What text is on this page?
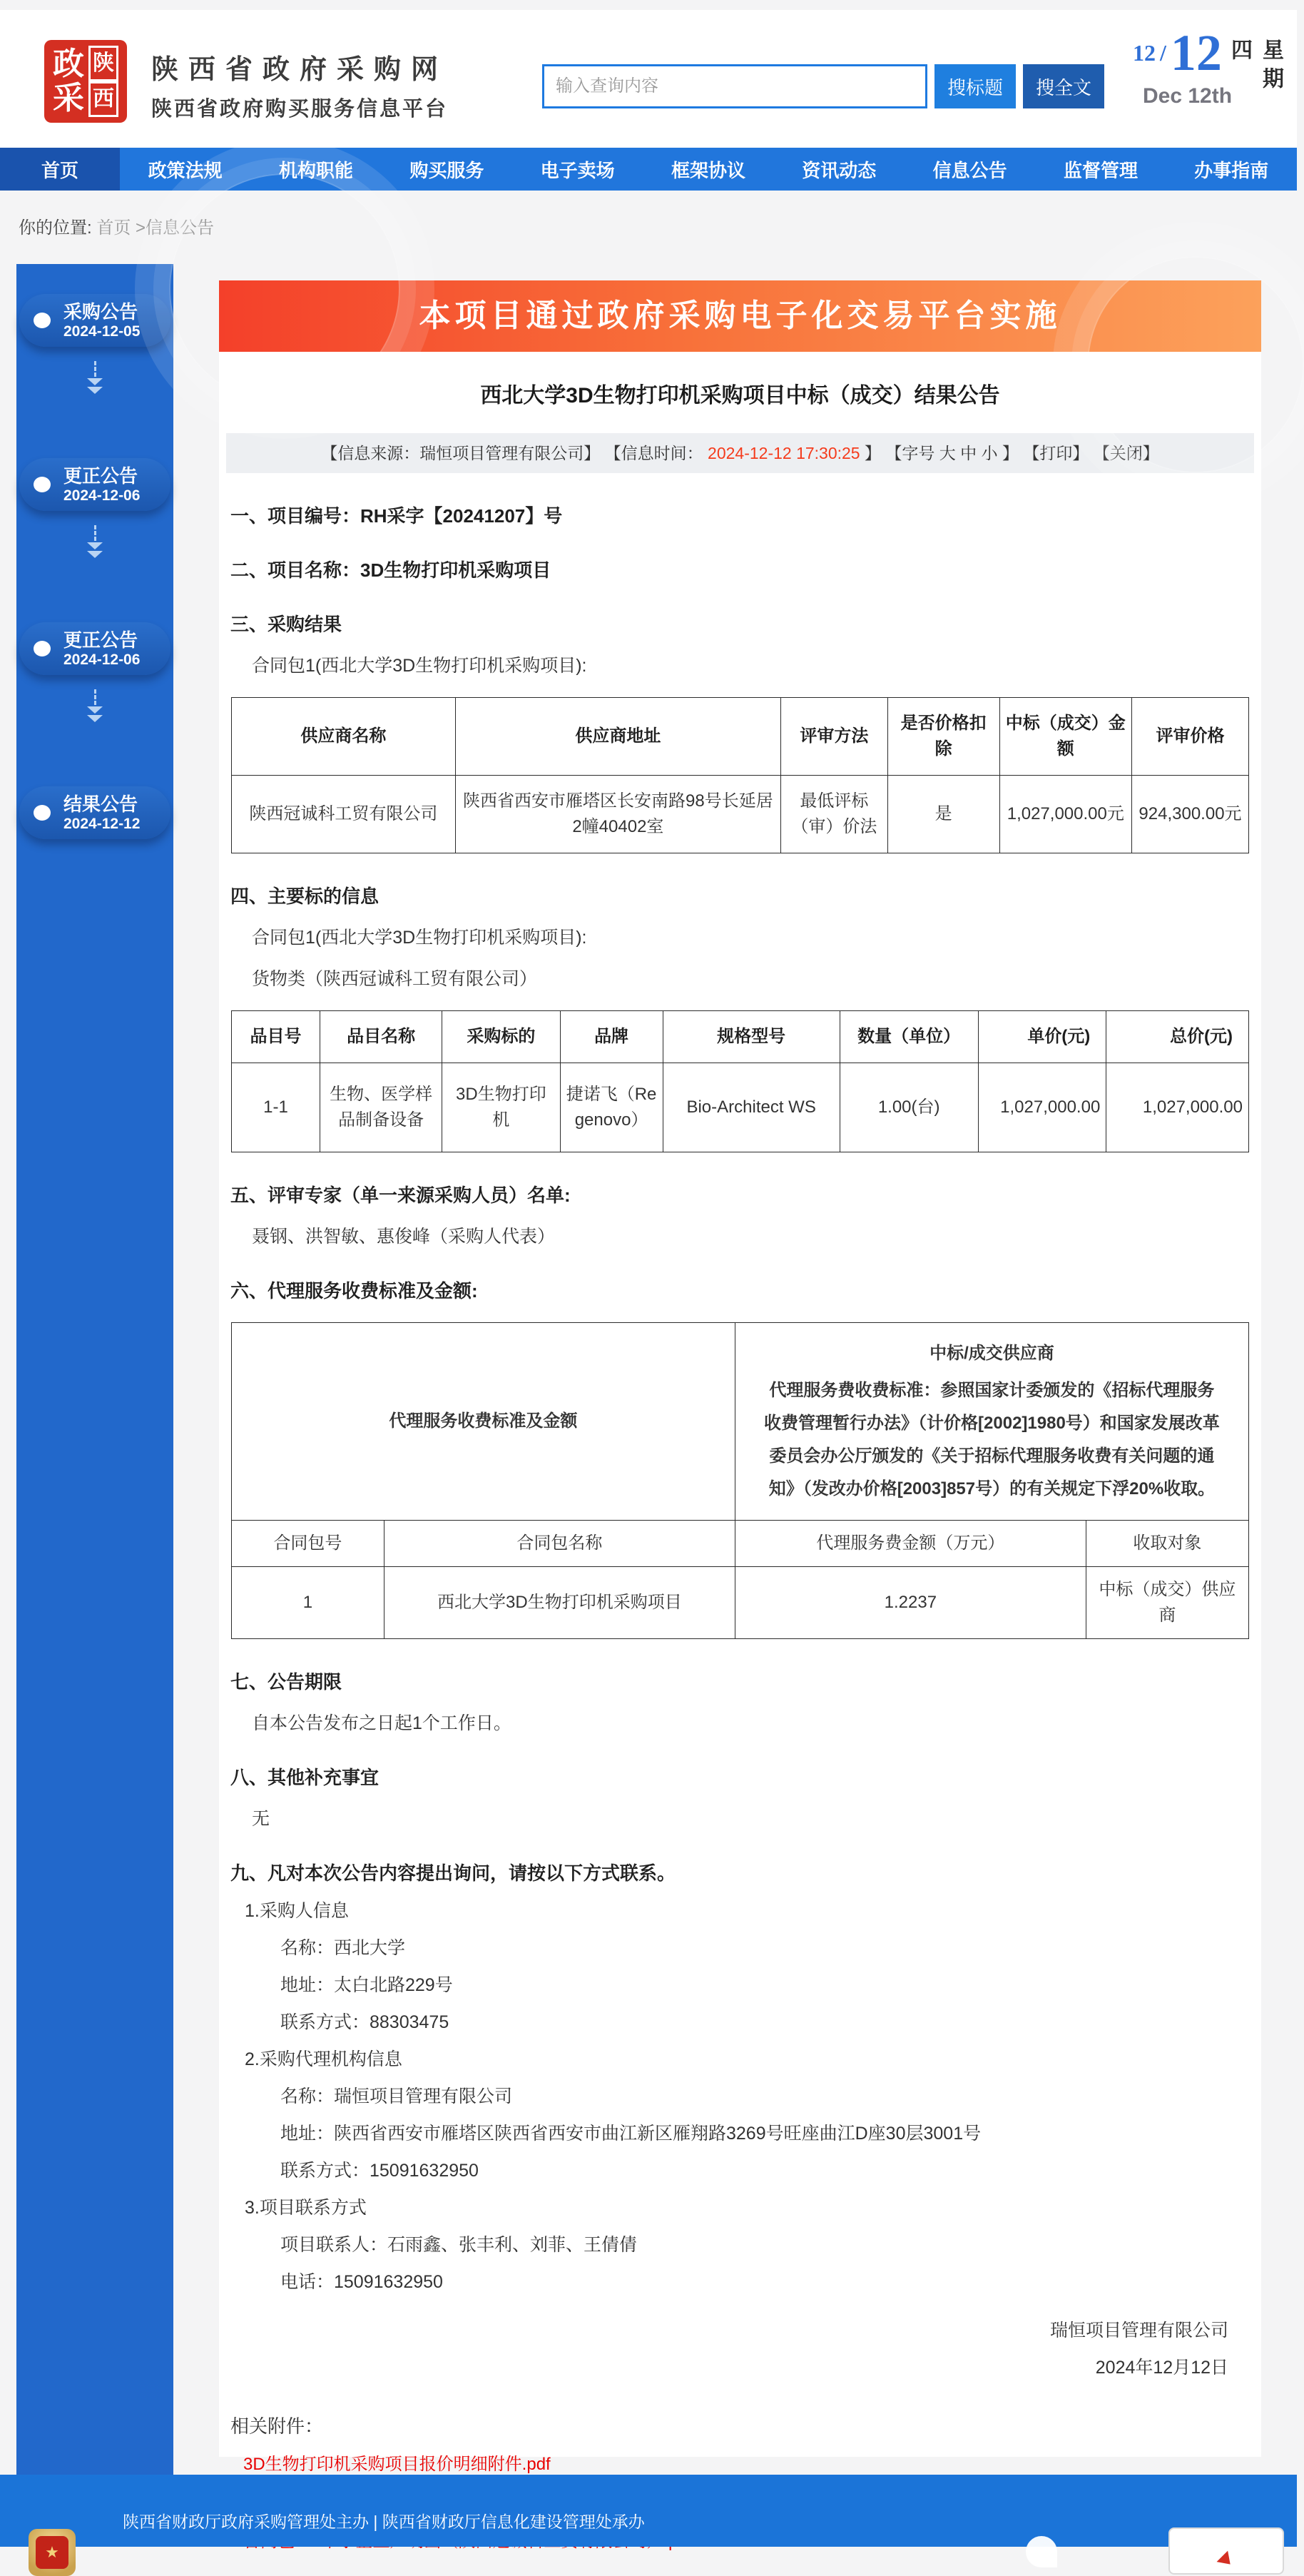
政
采
陕
西
陕西省政府采购网
陕西省政府购买服务信息平台
输入查询内容
搜标题	搜全文
12 / 12
Dec 12th
星期四
首页	政策法规	机构职能	购买服务	电子卖场	框架协议	资讯动态	信息公告	监督管理	办事指南
你的位置: 首页 >信息公告
采购公告
2024-12-05
更正公告
2024-12-06
更正公告
2024-12-06
结果公告
2024-12-12
本项目通过政府采购电子化交易平台实施
西北大学3D生物打印机采购项目中标（成交）结果公告
【信息来源：瑞恒项目管理有限公司】 【信息时间： 2024-12-12 17:30:25 】 【字号 大 中 小 】 【打印】 【关闭】
一、项目编号：RH采字【20241207】号
二、项目名称：3D生物打印机采购项目
三、采购结果
合同包1(西北大学3D生物打印机采购项目):
供应商名称	供应商地址	评审方法	是否价格扣除	中标（成交）金额	评审价格
陕西冠诚科工贸有限公司	陕西省西安市雁塔区长安南路98号长延居2幢40402室	最低评标（审）价法	是	1,027,000.00元	924,300.00元
四、主要标的信息
合同包1(西北大学3D生物打印机采购项目):
货物类（陕西冠诚科工贸有限公司）
品目号	品目名称	采购标的	品牌	规格型号	数量（单位）	单价(元)	总价(元)
1-1	生物、医学样品制备设备	3D生物打印机	捷诺飞（Regenovo）	Bio-Architect WS	1.00(台)	1,027,000.00	1,027,000.00
五、评审专家（单一来源采购人员）名单:
聂钢、洪智敏、惠俊峰（采购人代表）
六、代理服务收费标准及金额:
代理服务收费标准及金额		中标/成交供应商
代理服务费收费标准：参照国家计委颁发的《招标代理服务收费管理暂行办法》（计价格[2002]1980号）和国家发展改革委员会办公厅颁发的《关于招标代理服务收费有关问题的通知》（发改办价格[2003]857号）的有关规定下浮20%收取。	
合同包号	合同包名称	代理服务费金额（万元）	收取对象
1	西北大学3D生物打印机采购项目	1.2237	中标（成交）供应商
七、公告期限
自本公告发布之日起1个工作日。
八、其他补充事宜
无
九、凡对本次公告内容提出询问，请按以下方式联系。
1.采购人信息
名称：西北大学
地址：太白北路229号
联系方式：88303475
2.采购代理机构信息
名称：瑞恒项目管理有限公司
地址：陕西省西安市雁塔区陕西省西安市曲江新区雁翔路3269号旺座曲江D座30层3001号
联系方式：15091632950
3.项目联系方式
项目联系人：石雨鑫、张丰利、刘菲、王倩倩
电话：15091632950
瑞恒项目管理有限公司
2024年12月12日
相关附件：
3D生物打印机采购项目报价明细附件.pdf
陕西省财政厅政府采购管理处主办 | 陕西省财政厅信息化建设管理处承办
★
